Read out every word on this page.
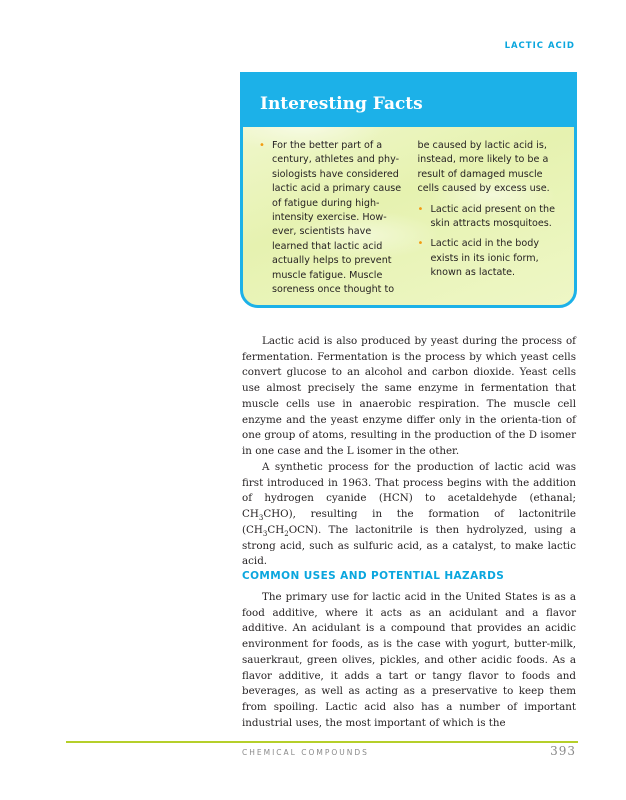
LACTIC ACID
Interesting Facts
• For the better part of a century, athletes and phy-siologists have considered lactic acid a primary cause of fatigue during high-intensity exercise. How-ever, scientists have learned that lactic acid actually helps to prevent muscle fatigue. Muscle soreness once thought to

be caused by lactic acid is, instead, more likely to be a result of damaged muscle cells caused by excess use.

• Lactic acid present on the skin attracts mosquitoes.
• Lactic acid in the body exists in its ionic form, known as lactate.

Lactic acid is also produced by yeast during the process of fermentation. Fermentation is the process by which yeast cells convert glucose to an alcohol and carbon dioxide. Yeast cells use almost precisely the same enzyme in fermentation that muscle cells use in anaerobic respiration. The muscle cell enzyme and the yeast enzyme differ only in the orienta-tion of one group of atoms, resulting in the production of the D isomer in one case and the L isomer in the other.

A synthetic process for the production of lactic acid was first introduced in 1963. That process begins with the addition of hydrogen cyanide (HCN) to acetaldehyde (ethanal; $CH_3CHO$), resulting in the formation of lactonitrile $(CH_3CH_2OCN)$. The lactonitrile is then hydrolyzed, using a strong acid, such as sulfuric acid, as a catalyst, to make lactic acid.

COMMON USES AND POTENTIAL HAZARDS

The primary use for lactic acid in the United States is as a food additive, where it acts as an acidulant and a flavor additive. An acidulant is a compound that provides an acidic environment for foods, as is the case with yogurt, butter-milk, sauerkraut, green olives, pickles, and other acidic foods. As a flavor additive, it adds a tart or tangy flavor to foods and beverages, as well as acting as a preservative to keep them from spoiling. Lactic acid also has a number of important industrial uses, the most important of which is the

CHEMICAL COMPOUNDS	393
